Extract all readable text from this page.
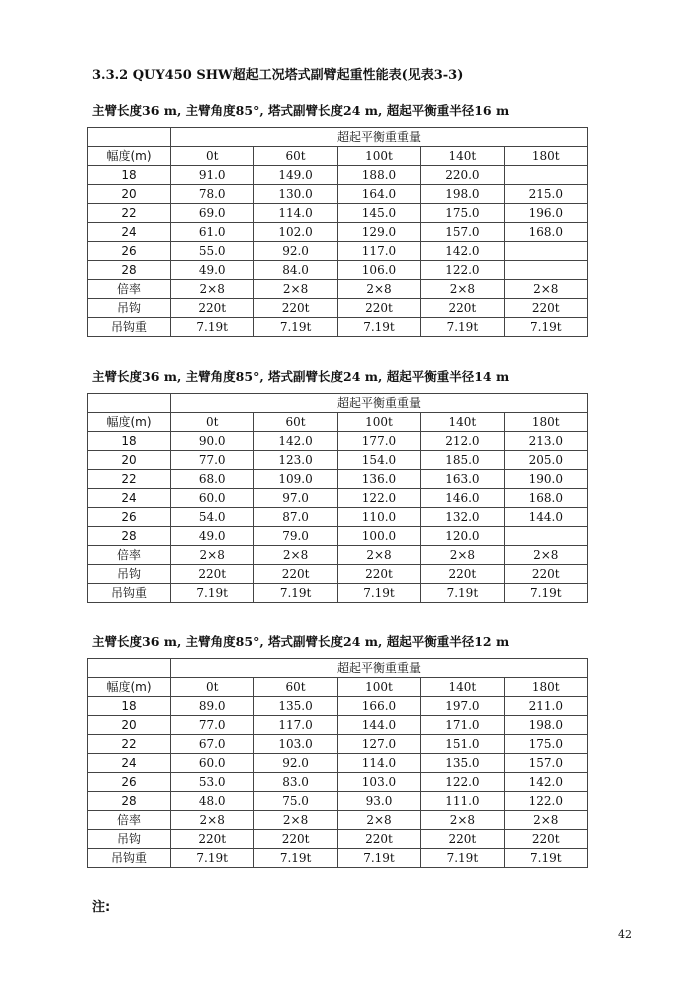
3.3.2 QUY450 SHW超起工况塔式副臂起重性能表(见表3-3)
主臂长度36 m, 主臂角度85°, 塔式副臂长度24 m, 超起平衡重半径16 m
	超起平衡重重量				
幅度(m)	0t	60t	100t	140t	180t
18	91.0	149.0	188.0	220.0	
20	78.0	130.0	164.0	198.0	215.0
22	69.0	114.0	145.0	175.0	196.0
24	61.0	102.0	129.0	157.0	168.0
26	55.0	92.0	117.0	142.0	
28	49.0	84.0	106.0	122.0	
倍率	2×8	2×8	2×8	2×8	2×8
吊钩	220t	220t	220t	220t	220t
吊钩重	7.19t	7.19t	7.19t	7.19t	7.19t
主臂长度36 m, 主臂角度85°, 塔式副臂长度24 m, 超起平衡重半径14 m
	超起平衡重重量				
幅度(m)	0t	60t	100t	140t	180t
18	90.0	142.0	177.0	212.0	213.0
20	77.0	123.0	154.0	185.0	205.0
22	68.0	109.0	136.0	163.0	190.0
24	60.0	97.0	122.0	146.0	168.0
26	54.0	87.0	110.0	132.0	144.0
28	49.0	79.0	100.0	120.0	
倍率	2×8	2×8	2×8	2×8	2×8
吊钩	220t	220t	220t	220t	220t
吊钩重	7.19t	7.19t	7.19t	7.19t	7.19t
主臂长度36 m, 主臂角度85°, 塔式副臂长度24 m, 超起平衡重半径12 m
	超起平衡重重量				
幅度(m)	0t	60t	100t	140t	180t
18	89.0	135.0	166.0	197.0	211.0
20	77.0	117.0	144.0	171.0	198.0
22	67.0	103.0	127.0	151.0	175.0
24	60.0	92.0	114.0	135.0	157.0
26	53.0	83.0	103.0	122.0	142.0
28	48.0	75.0	93.0	111.0	122.0
倍率	2×8	2×8	2×8	2×8	2×8
吊钩	220t	220t	220t	220t	220t
吊钩重	7.19t	7.19t	7.19t	7.19t	7.19t
注:
42
